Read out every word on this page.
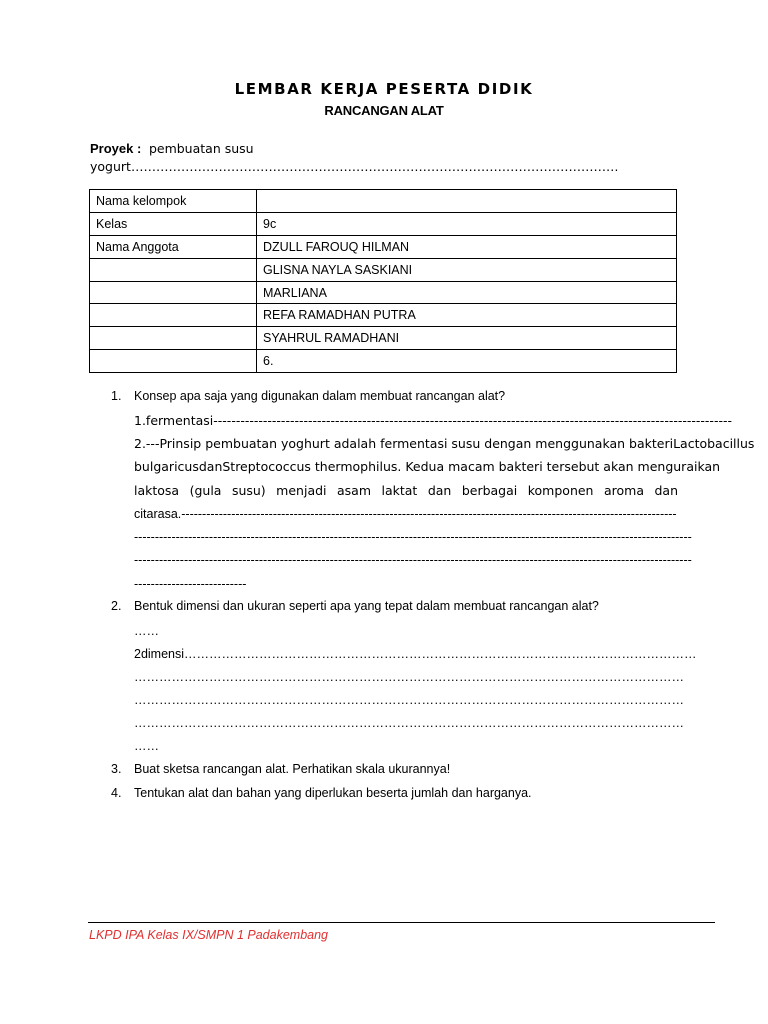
LEMBAR KERJA PESERTA DIDIK
RANCANGAN ALAT
Proyek : pembuatan susu
yogurt………………………………………………………………………………………………………
Nama kelompok	
Kelas	9c
Nama Anggota	DZULL FAROUQ HILMAN
	GLISNA NAYLA SASKIANI
	MARLIANA
	REFA RAMADHAN PUTRA
	SYAHRUL RAMADHANI
	6.
1. Konsep apa saja yang digunakan dalam membuat rancangan alat?
1.fermentasi-------------------------------------------------------------------------------------------------------------------
2.---Prinsip pembuatan yoghurt adalah fermentasi susu dengan menggunakan bakteriLactobacillus
bulgaricusdanStreptococcus thermophilus. Kedua macam bakteri tersebut akan menguraikan
laktosa (gula susu) menjadi asam laktat dan berbagai komponen aroma dan
citarasa.-----------------------------------------------------------------------------------------------------------------------
--------------------------------------------------------------------------------------------------------------------------------------
--------------------------------------------------------------------------------------------------------------------------------------
---------------------------
2. Bentuk dimensi dan ukuran seperti apa yang tepat dalam membuat rancangan alat?
……
2dimensi……………………………………………………………………………………………………………
……………………………………………………………………………………………………………………
……………………………………………………………………………………………………………………
……………………………………………………………………………………………………………………
……
3. Buat sketsa rancangan alat. Perhatikan skala ukurannya!
4. Tentukan alat dan bahan yang diperlukan beserta jumlah dan harganya.
LKPD IPA Kelas IX/SMPN 1 Padakembang
